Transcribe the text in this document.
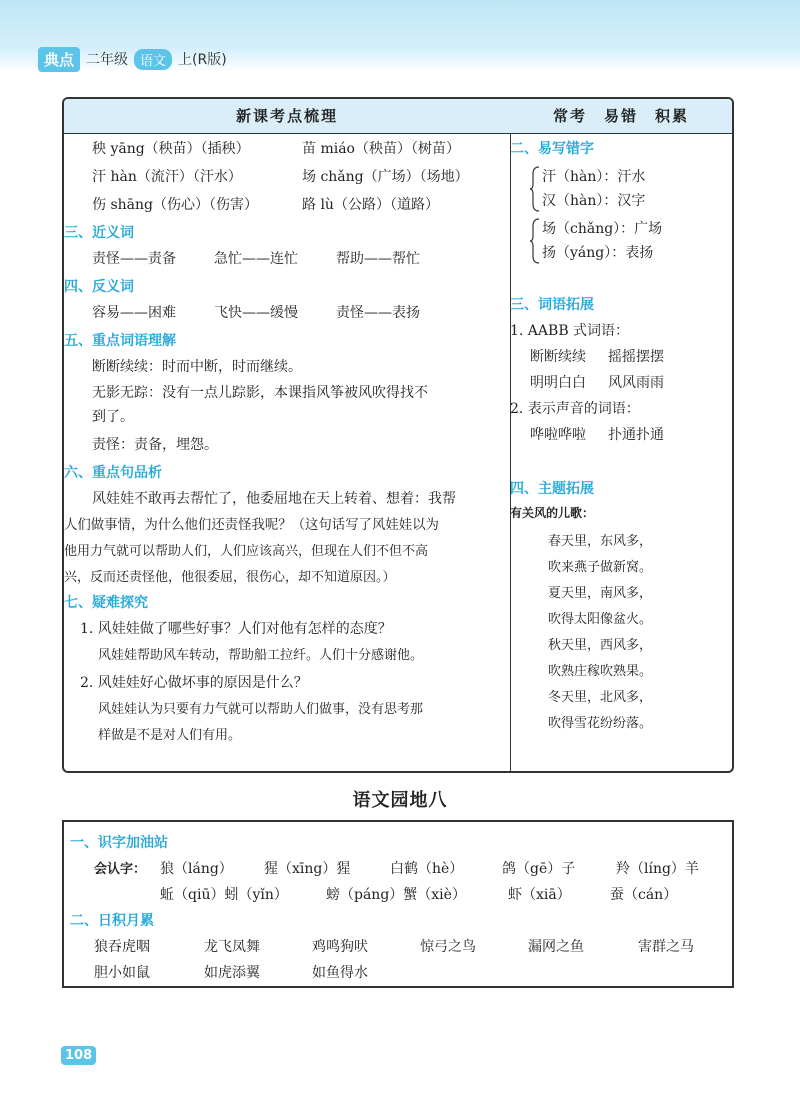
典点 二年级 语文 上(R版)
新课考点梳理
秧 yāng（秧苗）（插秧）	苗 miáo（秧苗）（树苗）
汗 hàn（流汗）（汗水）	场 chǎng（广场）（场地）
伤 shāng（伤心）（伤害）	路 lù（公路）（道路）
三、近义词
责怪——责备	急忙——连忙	帮助——帮忙
四、反义词
容易——困难	飞快——缓慢	责怪——表扬
五、重点词语理解
断断续续：时而中断，时而继续。
无影无踪：没有一点儿踪影，本课指风筝被风吹得找不
到了。
责怪：责备，埋怨。
六、重点句品析
风娃娃不敢再去帮忙了，他委屈地在天上转着、想着：我帮
人们做事情，为什么他们还责怪我呢？（这句话写了风娃娃以为
他用力气就可以帮助人们，人们应该高兴，但现在人们不但不高
兴，反而还责怪他，他很委屈，很伤心，却不知道原因。）
七、疑难探究
1. 风娃娃做了哪些好事？人们对他有怎样的态度？
风娃娃帮助风车转动，帮助船工拉纤。人们十分感谢他。
2. 风娃娃好心做坏事的原因是什么？
风娃娃认为只要有力气就可以帮助人们做事，没有思考那
样做是不是对人们有用。
常考　易错　积累
二、易写错字
汗（hàn）：汗水
汉（hàn）：汉字
场（chǎng）：广场
扬（yáng）：表扬
三、词语拓展
1. AABB 式词语：
断断续续 摇摇摆摆
明明白白 风风雨雨
2. 表示声音的词语：
哗啦哗啦 扑通扑通
四、主题拓展
有关风的儿歌：
春天里，东风多，
吹来燕子做新窝。
夏天里，南风多，
吹得太阳像盆火。
秋天里，西风多，
吹熟庄稼吹熟果。
冬天里，北风多，
吹得雪花纷纷落。
语文园地八
一、识字加油站
会认字： 狼（láng） 猩（xīng）猩	白鹤（hè）	鸽（gē）子	羚（líng）羊
蚯（qiū）蚓（yǐn）	螃（páng）蟹（xiè）	虾（xiā）	蚕（cán）
二、日积月累
狼吞虎咽	龙飞凤舞	鸡鸣狗吠	惊弓之鸟	漏网之鱼	害群之马
胆小如鼠	如虎添翼	如鱼得水
108
